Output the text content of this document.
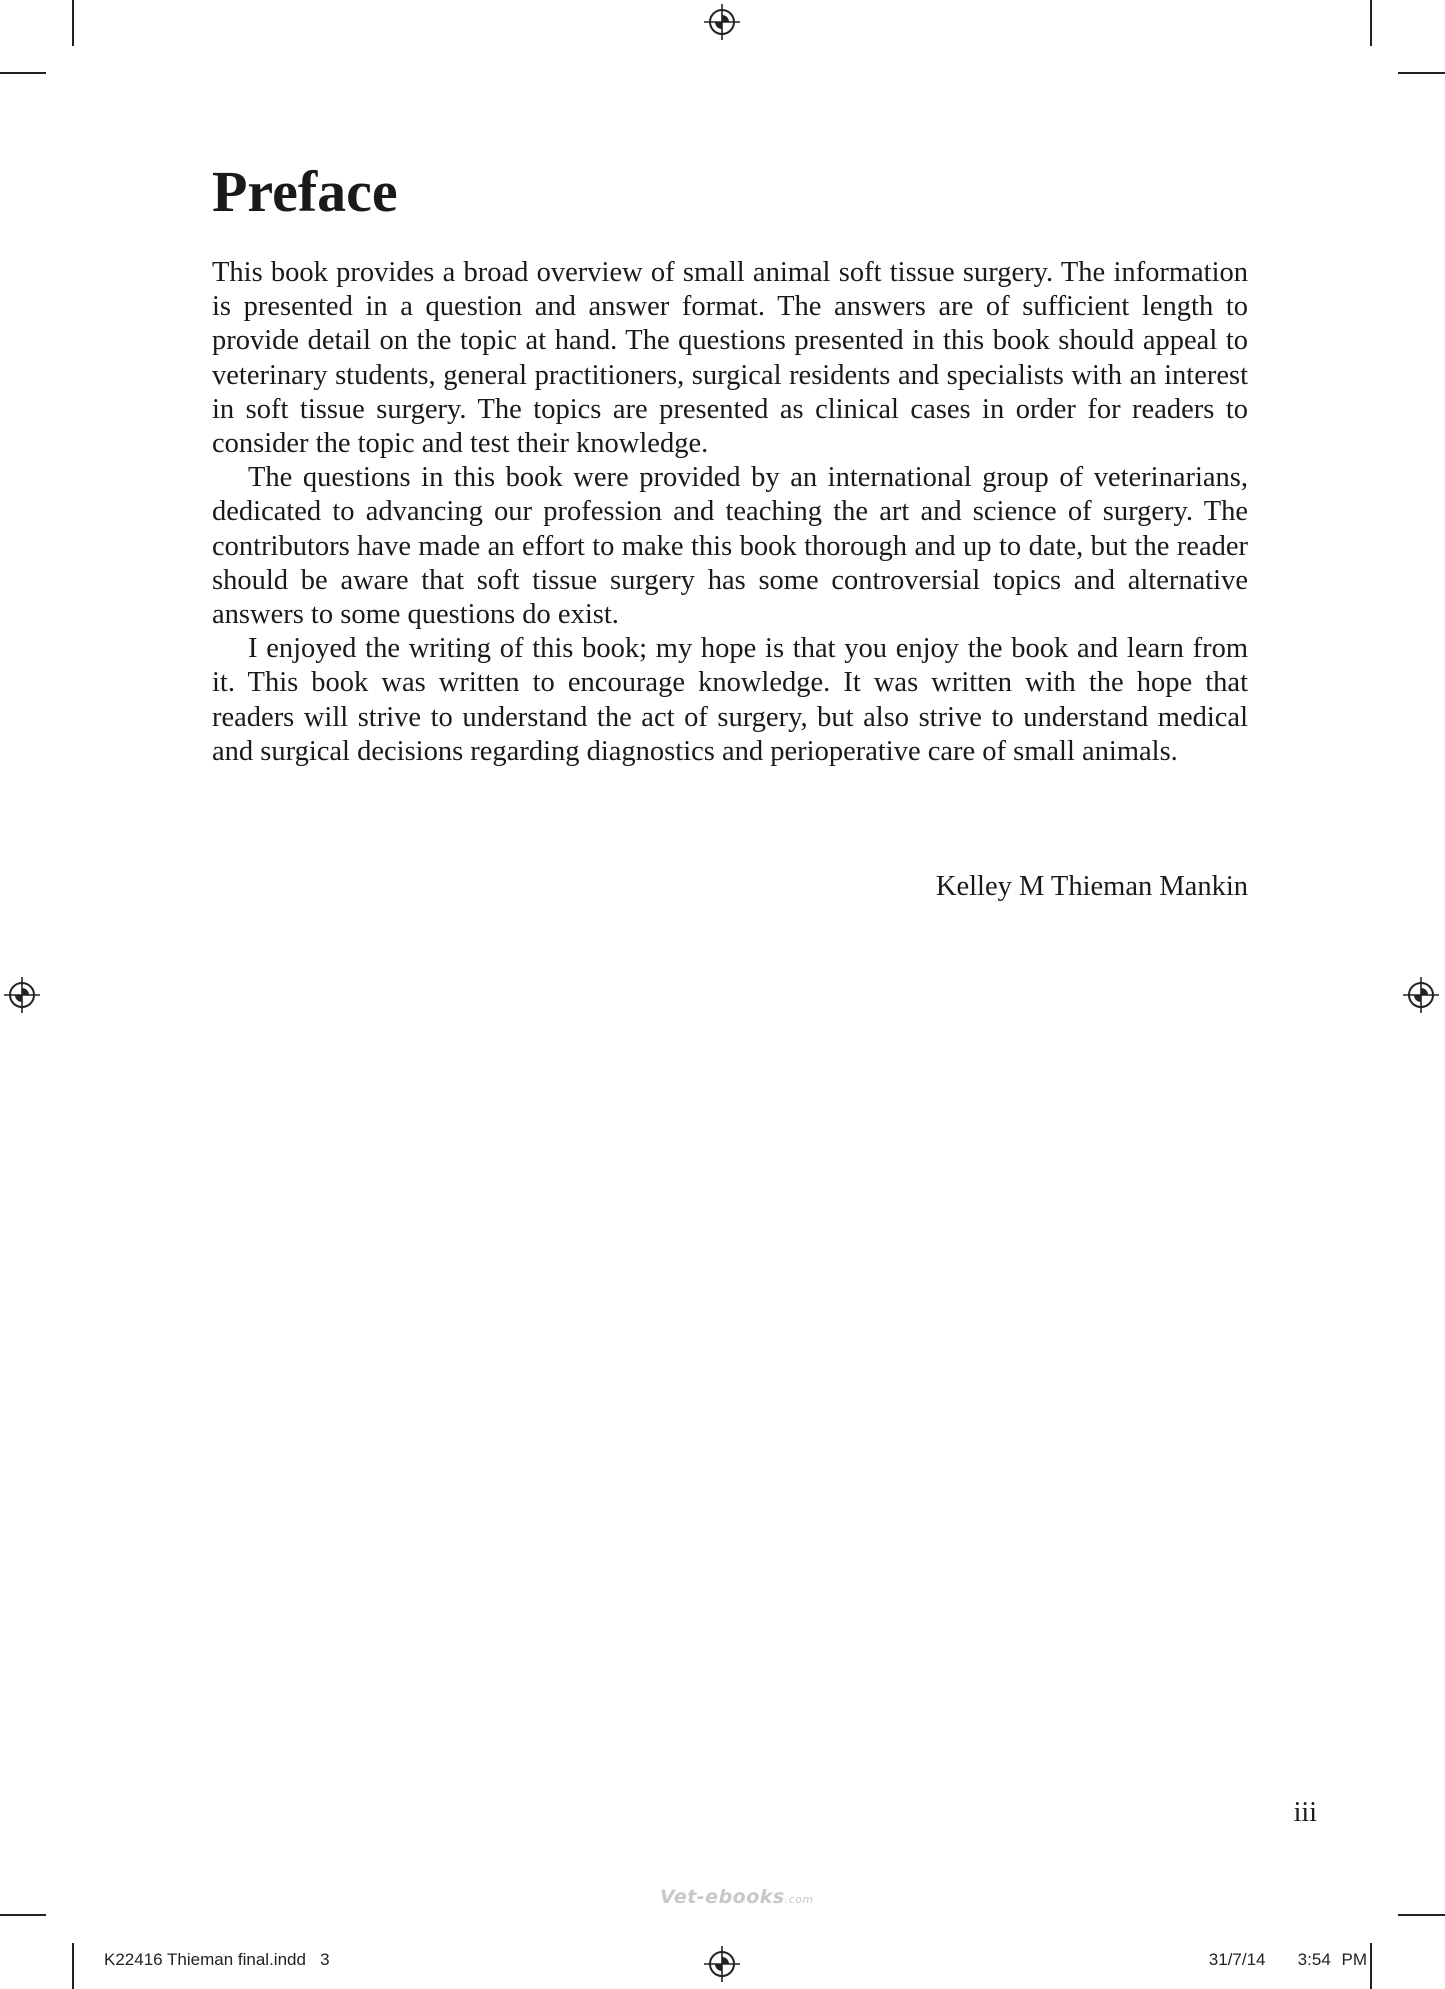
Preface

This book provides a broad overview of small animal soft tissue surgery. The information is presented in a question and answer format. The answers are of sufficient length to provide detail on the topic at hand. The questions presented in this book should appeal to veterinary students, general practitioners, surgical residents and specialists with an interest in soft tissue surgery. The topics are presented as clinical cases in order for readers to consider the topic and test their knowledge.

The questions in this book were provided by an international group of veterinarians, dedicated to advancing our profession and teaching the art and science of surgery. The contributors have made an effort to make this book thorough and up to date, but the reader should be aware that soft tissue surgery has some controversial topics and alternative answers to some questions do exist.

I enjoyed the writing of this book; my hope is that you enjoy the book and learn from it. This book was written to encourage knowledge. It was written with the hope that readers will strive to understand the act of surgery, but also strive to understand medical and surgical decisions regarding diagnostics and perioperative care of small animals.

Kelley M Thieman Mankin
iii
Vet-ebooks.com
K22416 Thieman final.indd   3	31/7/14   3:54 PM
